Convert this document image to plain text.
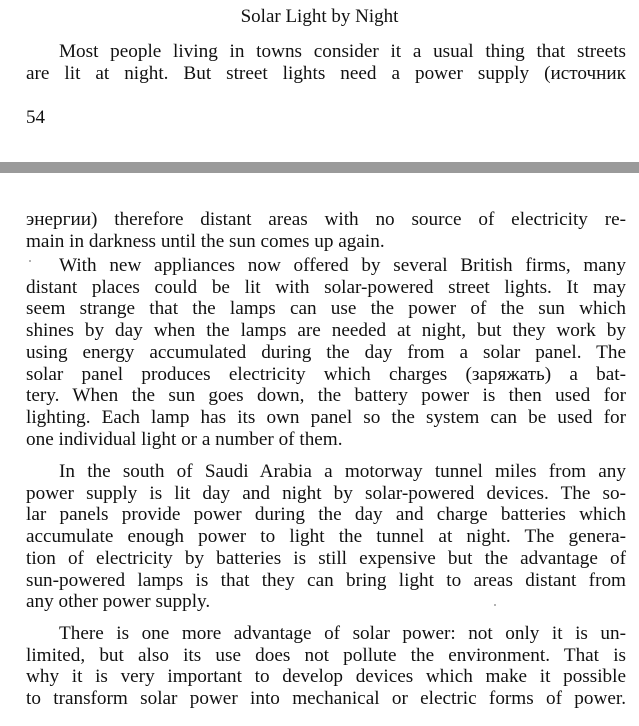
Solar Light by Night

Most people living in towns consider it a usual thing that streets
are lit at night. But street lights need a power supply (источник

54

энергии) therefore distant areas with no source of electricity re-
main in darkness until the sun comes up again.

With new appliances now offered by several British firms, many
distant places could be lit with solar-powered street lights. It may
seem strange that the lamps can use the power of the sun which
shines by day when the lamps are needed at night, but they work by
using energy accumulated during the day from a solar panel. The
solar panel produces electricity which charges (заряжать) a bat-
tery. When the sun goes down, the battery power is then used for
lighting. Each lamp has its own panel so the system can be used for
one individual light or a number of them.

In the south of Saudi Arabia a motorway tunnel miles from any
power supply is lit day and night by solar-powered devices. The so-
lar panels provide power during the day and charge batteries which
accumulate enough power to light the tunnel at night. The genera-
tion of electricity by batteries is still expensive but the advantage of
sun-powered lamps is that they can bring light to areas distant from
any other power supply.

There is one more advantage of solar power: not only it is un-
limited, but also its use does not pollute the environment. That is
why it is very important to develop devices which make it possible
to transform solar power into mechanical or electric forms of power.
